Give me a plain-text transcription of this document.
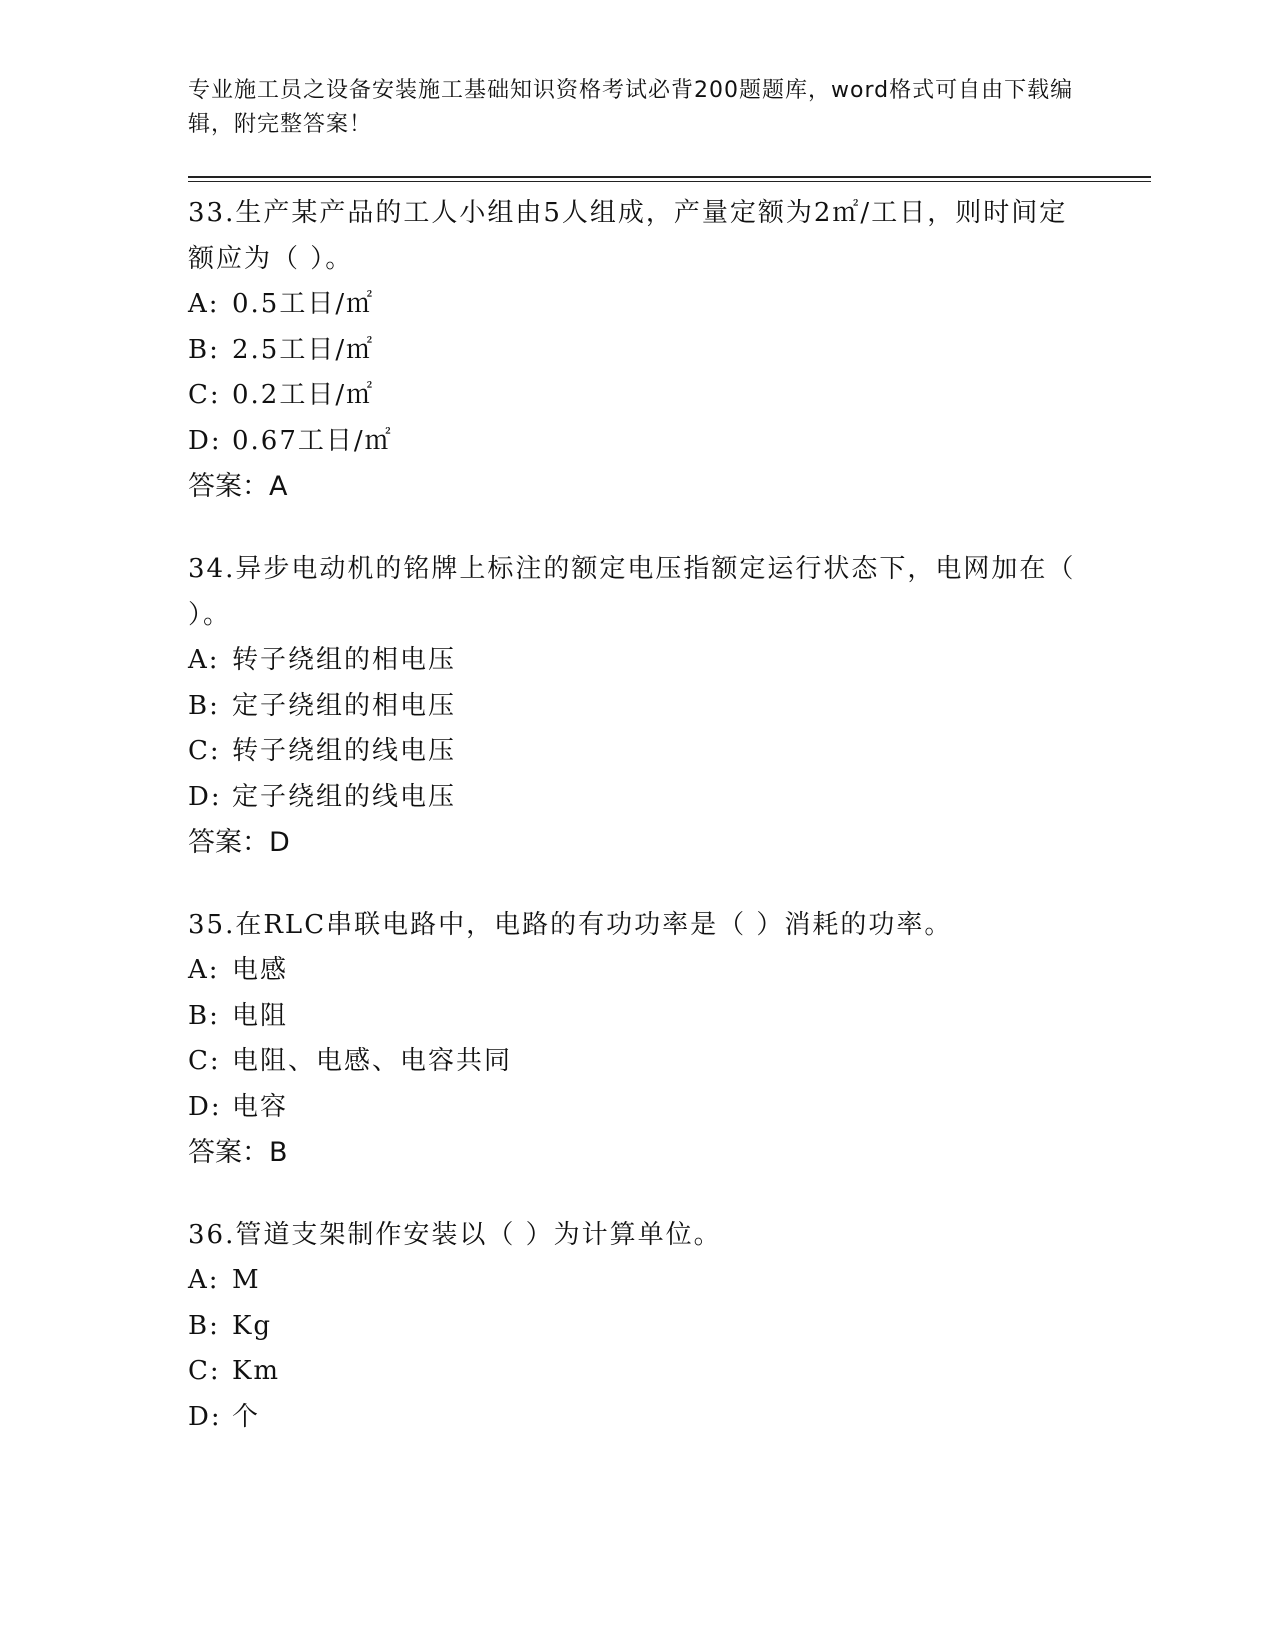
专业施工员之设备安装施工基础知识资格考试必背200题题库，word格式可自由下载编辑，附完整答案！

33.生产某产品的工人小组由5人组成，产量定额为2㎡/工日，则时间定额应为（ ）。

A: 0.5工日/㎡

B: 2.5工日/㎡

C: 0.2工日/㎡

D: 0.67工日/㎡

答案：A

34.异步电动机的铭牌上标注的额定电压指额定运行状态下，电网加在（ ）。

A: 转子绕组的相电压

B: 定子绕组的相电压

C: 转子绕组的线电压

D: 定子绕组的线电压

答案：D

35.在RLC串联电路中，电路的有功功率是（ ）消耗的功率。

A: 电感

B: 电阻

C: 电阻、电感、电容共同

D: 电容

答案：B

36.管道支架制作安装以（ ）为计算单位。

A: M

B: Kg

C: Km

D: 个
